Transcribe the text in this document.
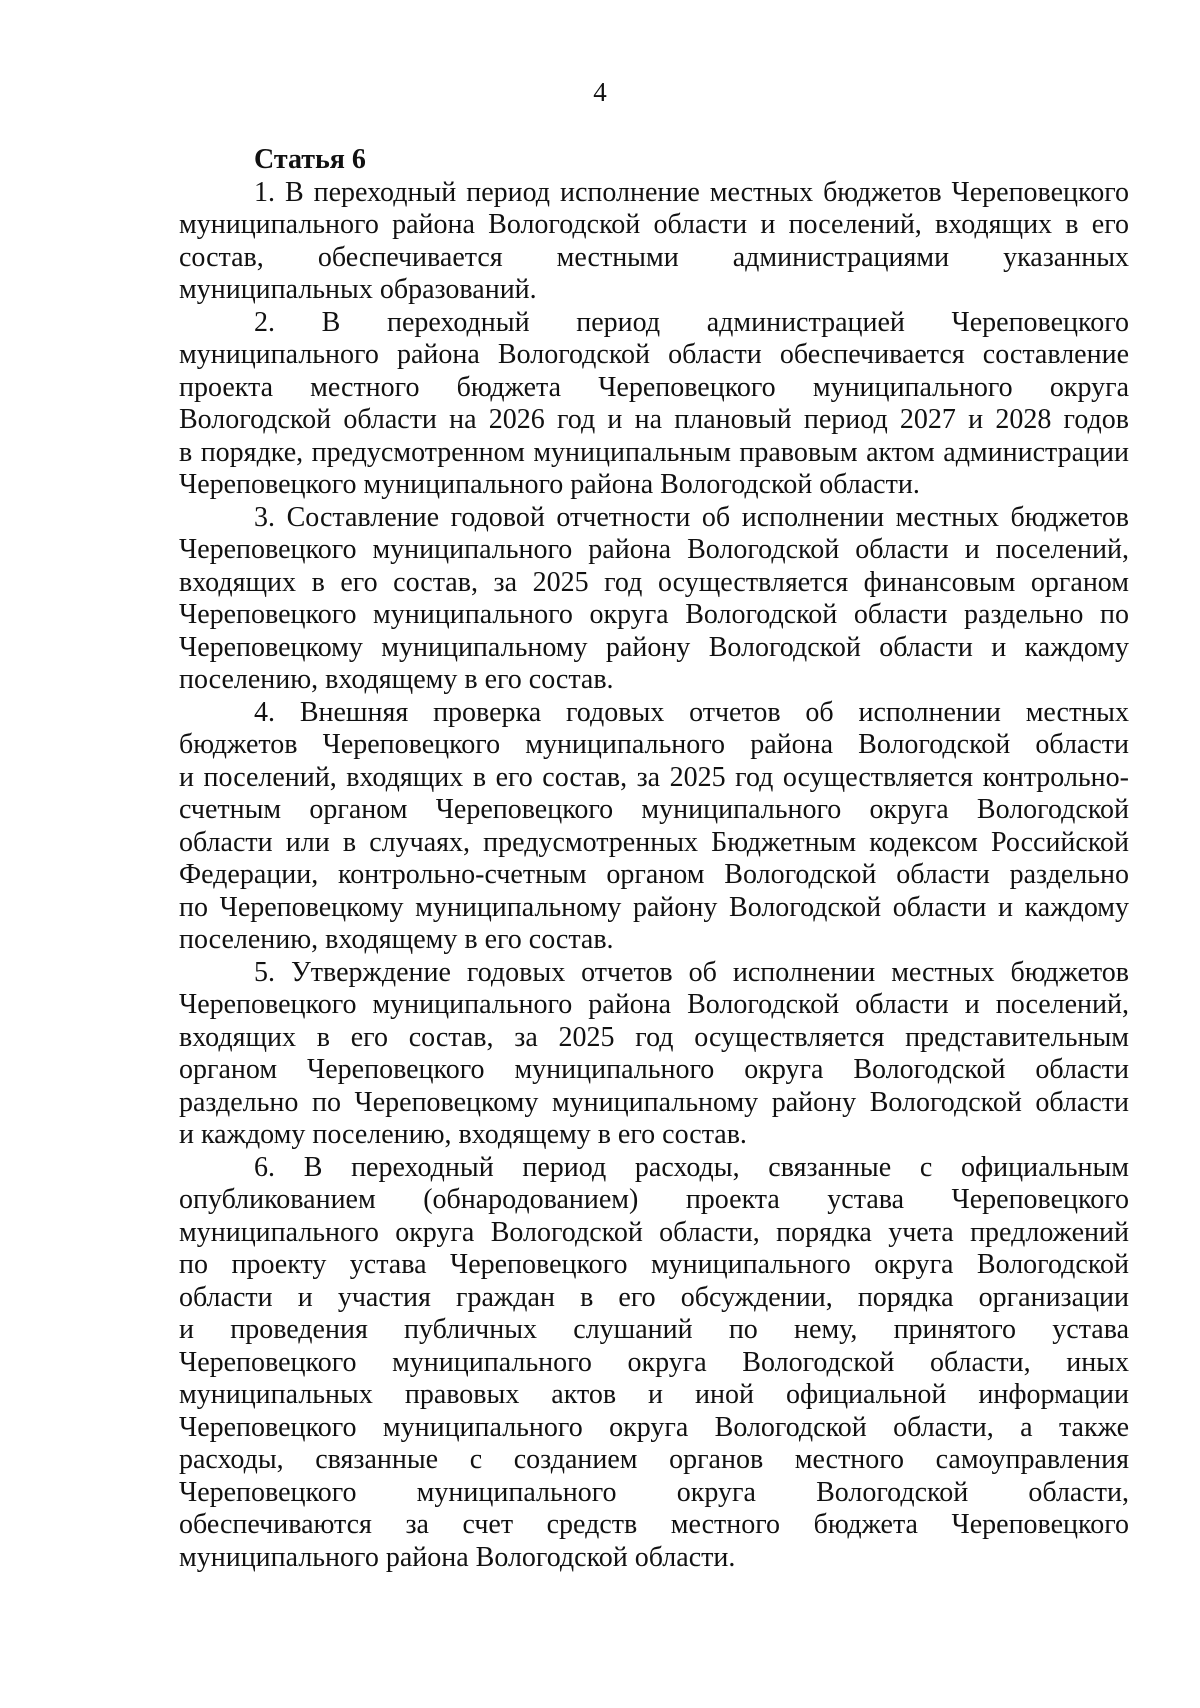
4
Статья 6
1. В переходный период исполнение местных бюджетов Череповецкого
муниципального района Вологодской области и поселений, входящих в его
состав, обеспечивается местными администрациями указанных
муниципальных образований.
2. В переходный период администрацией Череповецкого
муниципального района Вологодской области обеспечивается составление
проекта местного бюджета Череповецкого муниципального округа
Вологодской области на 2026 год и на плановый период 2027 и 2028 годов
в порядке, предусмотренном муниципальным правовым актом администрации
Череповецкого муниципального района Вологодской области.
3. Составление годовой отчетности об исполнении местных бюджетов
Череповецкого муниципального района Вологодской области и поселений,
входящих в его состав, за 2025 год осуществляется финансовым органом
Череповецкого муниципального округа Вологодской области раздельно по
Череповецкому муниципальному району Вологодской области и каждому
поселению, входящему в его состав.
4. Внешняя проверка годовых отчетов об исполнении местных
бюджетов Череповецкого муниципального района Вологодской области
и поселений, входящих в его состав, за 2025 год осуществляется контрольно-
счетным органом Череповецкого муниципального округа Вологодской
области или в случаях, предусмотренных Бюджетным кодексом Российской
Федерации, контрольно-счетным органом Вологодской области раздельно
по Череповецкому муниципальному району Вологодской области и каждому
поселению, входящему в его состав.
5. Утверждение годовых отчетов об исполнении местных бюджетов
Череповецкого муниципального района Вологодской области и поселений,
входящих в его состав, за 2025 год осуществляется представительным
органом Череповецкого муниципального округа Вологодской области
раздельно по Череповецкому муниципальному району Вологодской области
и каждому поселению, входящему в его состав.
6. В переходный период расходы, связанные с официальным
опубликованием (обнародованием) проекта устава Череповецкого
муниципального округа Вологодской области, порядка учета предложений
по проекту устава Череповецкого муниципального округа Вологодской
области и участия граждан в его обсуждении, порядка организации
и проведения публичных слушаний по нему, принятого устава
Череповецкого муниципального округа Вологодской области, иных
муниципальных правовых актов и иной официальной информации
Череповецкого муниципального округа Вологодской области, а также
расходы, связанные с созданием органов местного самоуправления
Череповецкого муниципального округа Вологодской области,
обеспечиваются за счет средств местного бюджета Череповецкого
муниципального района Вологодской области.
